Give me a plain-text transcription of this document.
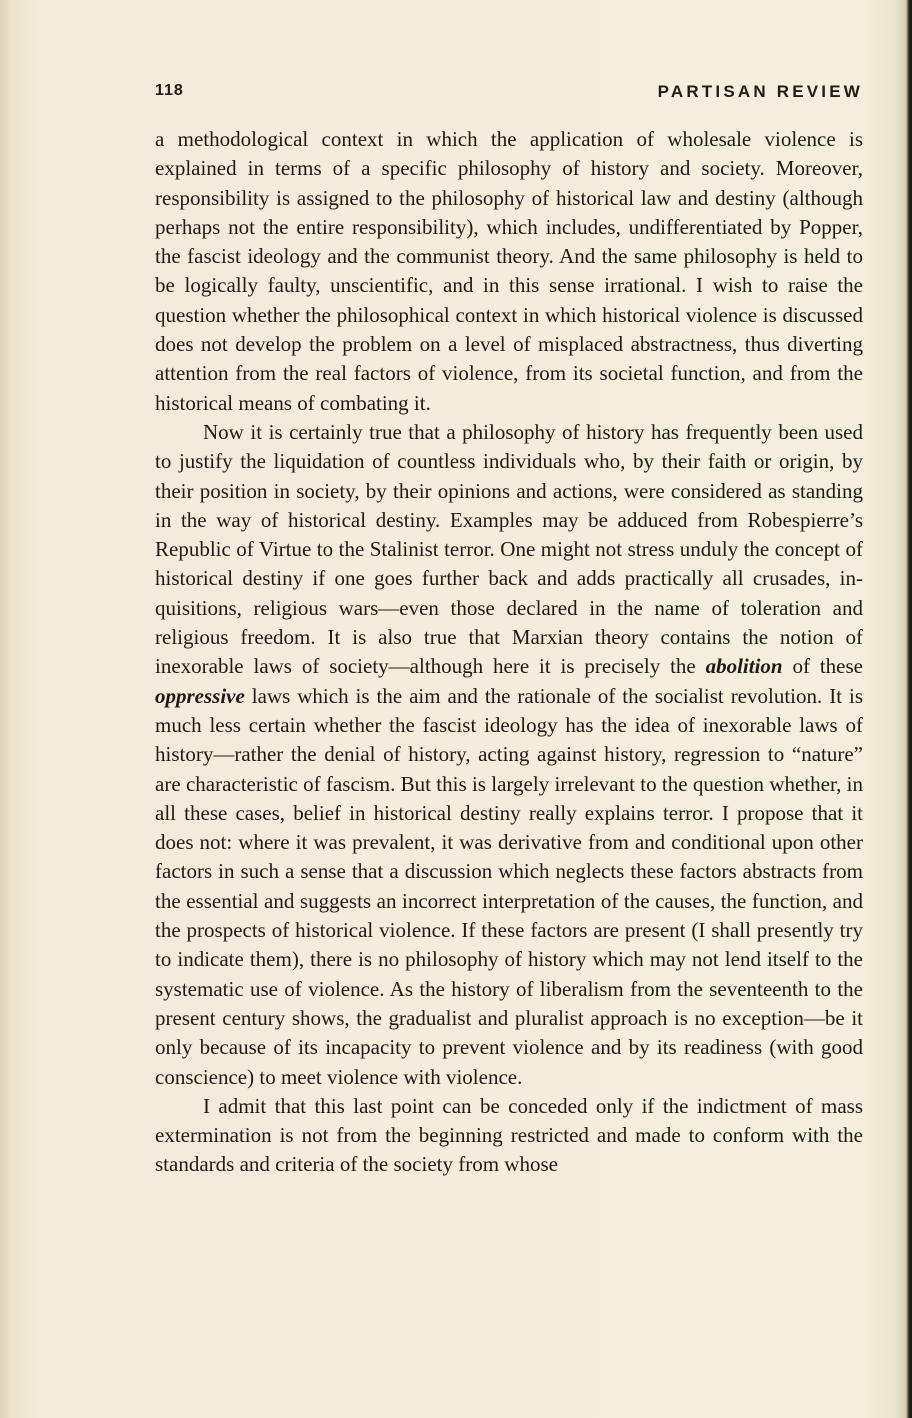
118	PARTISAN REVIEW

a methodological context in which the application of wholesale violence is explained in terms of a specific philosophy of history and society. Moreover, responsibility is assigned to the philosophy of historical law and destiny (although perhaps not the entire responsibility), which includes, undifferentiated by Popper, the fascist ideology and the communist theory. And the same philosophy is held to be logically faulty, unscientific, and in this sense irrational. I wish to raise the question whether the philosophical context in which historical violence is discussed does not develop the problem on a level of misplaced abstractness, thus diverting attention from the real factors of violence, from its societal function, and from the historical means of combating it.

Now it is certainly true that a philosophy of history has frequently been used to justify the liquidation of countless individuals who, by their faith or origin, by their position in society, by their opinions and actions, were considered as standing in the way of historical destiny. Examples may be adduced from Robespierre’s Republic of Virtue to the Stalinist terror. One might not stress unduly the concept of historical destiny if one goes further back and adds practically all crusades, inquisitions, religious wars—even those declared in the name of toleration and religious freedom. It is also true that Marxian theory contains the notion of inexorable laws of society—although here it is precisely the abolition of these oppressive laws which is the aim and the rationale of the socialist revolution. It is much less certain whether the fascist ideology has the idea of inexorable laws of history—rather the denial of history, acting against history, regression to “nature” are characteristic of fascism. But this is largely irrelevant to the question whether, in all these cases, belief in historical destiny really explains terror. I propose that it does not: where it was prevalent, it was derivative from and conditional upon other factors in such a sense that a discussion which neglects these factors abstracts from the essential and suggests an incorrect interpretation of the causes, the function, and the prospects of historical violence. If these factors are present (I shall presently try to indicate them), there is no philosophy of history which may not lend itself to the systematic use of violence. As the history of liberalism from the seventeenth to the present century shows, the gradualist and pluralist approach is no exception—be it only because of its incapacity to prevent violence and by its readiness (with good conscience) to meet violence with violence.

I admit that this last point can be conceded only if the indictment of mass extermination is not from the beginning restricted and made to conform with the standards and criteria of the society from whose
